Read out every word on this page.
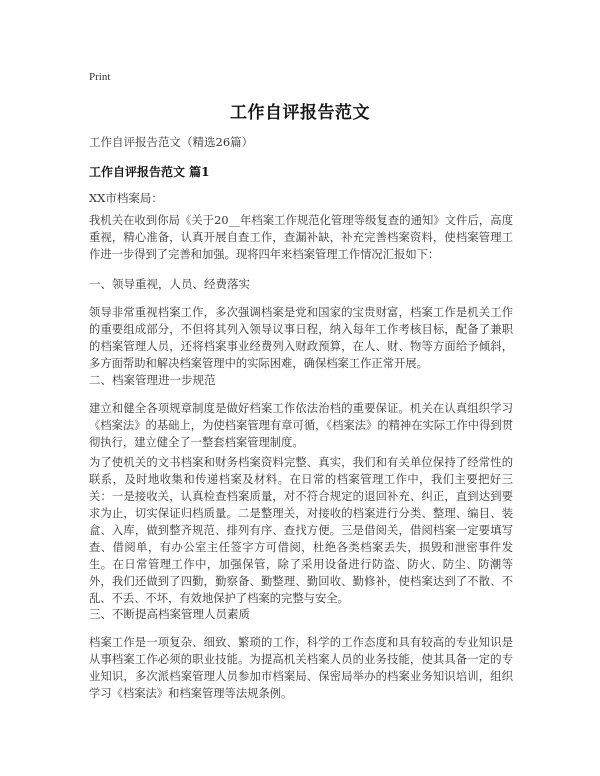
Print
工作自评报告范文
工作自评报告范文（精选26篇）
工作自评报告范文 篇1
XX市档案局：
我机关在收到你局《关于20__年档案工作规范化管理等级复查的通知》文件后，高度重视，精心准备，认真开展自查工作，查漏补缺，补充完善档案资料，使档案管理工作进一步得到了完善和加强。现将四年来档案管理工作情况汇报如下：
一、领导重视，人员、经费落实
领导非常重视档案工作，多次强调档案是党和国家的宝贵财富，档案工作是机关工作的重要组成部分，不但将其列入领导议事日程，纳入每年工作考核目标，配备了兼职的档案管理人员，还将档案事业经费列入财政预算，在人、财、物等方面给予倾斜，多方面帮助和解决档案管理中的实际困难，确保档案工作正常开展。
二、档案管理进一步规范
建立和健全各项规章制度是做好档案工作依法治档的重要保证。机关在认真组织学习《档案法》的基础上，为使档案管理有章可循，《档案法》的精神在实际工作中得到贯彻执行，建立健全了一整套档案管理制度。
为了使机关的文书档案和财务档案资料完整、真实，我们和有关单位保持了经常性的联系，及时地收集和传递档案及材料。在日常的档案管理工作中，我们主要把好三关：一是接收关，认真检查档案质量，对不符合规定的退回补充、纠正，直到达到要求为止，切实保证归档质量。二是整理关，对接收的档案进行分类、整理、编目、装盒、入库，做到整齐规范、排列有序、查找方便。三是借阅关，借阅档案一定要填写查、借阅单，有办公室主任签字方可借阅，杜绝各类档案丢失，损毁和泄密事件发生。在日常管理工作中，加强保管，除了采用设备进行防盗、防火、防尘、防潮等外，我们还做到了四勤，勤察备、勤整理、勤回收、勤修补，使档案达到了不散、不乱、不丢、不坏，有效地保护了档案的完整与安全。
三、不断提高档案管理人员素质
档案工作是一项复杂、细致、繁琐的工作，科学的工作态度和具有较高的专业知识是从事档案工作必须的职业技能。为提高机关档案人员的业务技能，使其具备一定的专业知识，多次派档案管理人员参加市档案局、保密局举办的档案业务知识培训，组织学习《档案法》和档案管理等法规条例。
